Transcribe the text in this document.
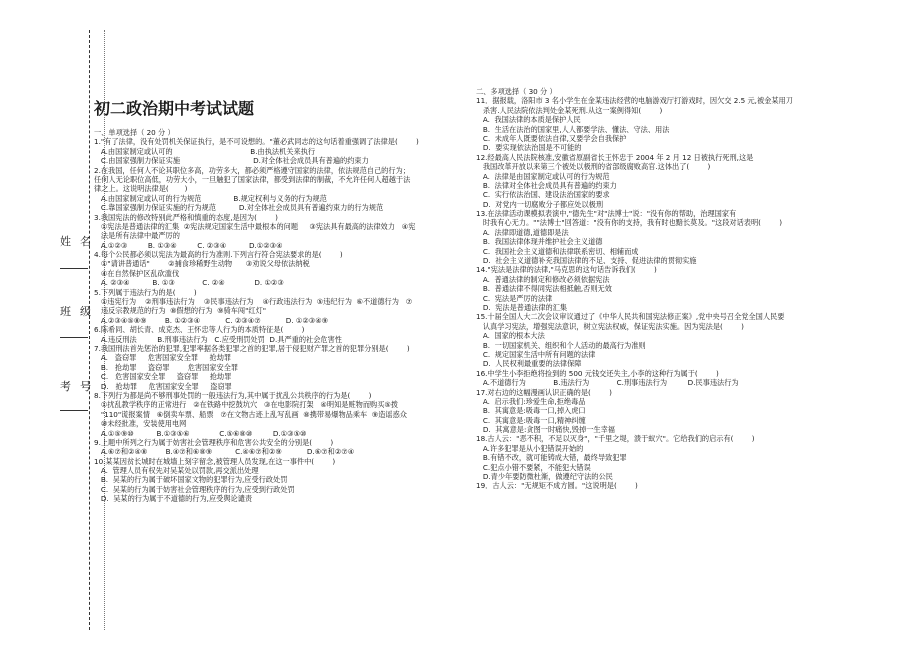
姓名
班级
考号
初二政治期中考试试题
一、单项选择（ 20 分 ）
1."有了法律，没有处罚机关保证执行，是不可设想的。"董必武同志的这句话着重强调了法律是(        )
A.由国家制定或认可的                                  B.由执法机关来执行
C.由国家强制力保证实施                                D.对全体社会成员具有普遍的约束力
2.在我国，任何人不论其职位多高，功劳多大，都必须严格遵守国家的法律，依法规范自己的行为；
任何人无论职位高低，功劳大小，一旦触犯了国家法律，都受到法律的制裁，不允许任何人超越于法
律之上。这说明法律是(       )
A.由国家制定或认可的行为规范              B.规定权利与义务的行为规范
C.靠国家强制力保证实施的行为规范          D.对全体社会成员具有普遍约束力的行为规范
3.我国宪法的修改特别此严格和慎重的态度,是因为(        )
①宪法是普通法律的汇集  ②宪法规定国家生活中最根本的问题     ③宪法具有最高的法律效力   ④宪
法是所有法律中最严厉的
A.①②③         B. ①③④         C. ②③④          D.①②③④
4.每个公民都必须以宪法为最高的行为准则.下列言行符合宪法要求的是(        )
①"请讲普通话"        ②捕食珍稀野生动物      ③劝说父母依法纳税
④在自然保护区乱砍滥伐
A. ②③④          B. ①③            C. ②④             D. ①②③
5.下列属于违法行为的是(        )
①违宪行为    ②刑事违法行为    ③民事违法行为    ④行政违法行为  ⑤违纪行为  ⑥不道德行为   ⑦
违反宗教规范的行为  ⑧假想的行为  ⑨骑车闯"红灯"
A.②③④⑤⑧⑨        B. ①②③④           C. ②③④⑦           D. ①②③④⑨
6.陈希同、胡长青、成克杰、王怀忠等人行为的本质特征是(        )
A.违反刑法         B.刑事违法行为   C.应受刑罚处罚  D.具严重的社会危害性
7.我国刑法首先惩治的犯罪,犯罪率据各类犯罪之首的犯罪,居于侵犯财产罪之首的犯罪分别是(        )
A.   盗窃罪     危害国家安全罪     抢劫罪
B.   抢劫罪     盗窃罪        危害国家安全罪
C.   危害国家安全罪     盗窃罪     抢劫罪
D.   抢劫罪     危害国家安全罪     盗窃罪
8.下列行为都是尚不够刑事处罚的一般违法行为,其中属于扰乱公共秩序的行为是(        )
①扰乱教学秩序的正常进行   ②在铁路中挖鼓坑穴   ③在电影院打架   ④明知是赃物而购买⑤拨
"110"谎报案情   ⑥倒卖车票、船票   ⑦在文物古迹上乱写乱画  ⑧携带易爆物品乘车  ⑨造谣惑众
⑩未经批准，安装使用电网
A.①⑤⑨⑩          B.①③⑤⑥             C.⑤⑥⑧⑩         D.①③⑤⑩
9.上题中所列之行为属于妨害社会管理秩序和危害公共安全的分别是(        )
A.⑥⑦和②④⑧        B.④⑦和⑥⑧⑨          C.④⑥⑦和②⑨           D.⑥⑦和②⑦④
10.某某因贫长城时在城墙上刻字留念,被管理人员发现,在这一事件中(        )
A.  管理人员有权先对吴某处以罚款,再交派出处理
B.  吴某的行为属于破坏国家文物的犯罪行为,应受行政处罚
C.  吴某的行为属于妨害社会管理秩序的行为,应受到行政处罚
D.  吴某的行为属于不道德的行为,应受舆论谴责
二、多项选择（ 30 分 ）
11．据报载，洛阳市 3 名小学生在金某违法经营的电脑游戏厅打游戏时，因欠交 2.5 元,被金某用刀
杀害.人民法院依法判处金某死刑.从这一案例得知(        )
A.  我国法律的本质是保护人民
B.  生活在法治的国家里,人人都要学法、懂法、守法、用法
C.  未成年人既要依法自律,又要学会自我保护
D.  要实现依法治国是不可能的
12.经最高人民法院核准,安徽省原副省长王怀忠于 2004 年 2 月 12 日被执行死刑,这是
我国改革开放以来第三个被处以极刑的省部级腐败高官.这体出了(        )
A.  法律是由国家制定或认可的行为规范
B.  法律对全体社会成员具有普遍的约束力
C.  实行依法治国、建设法治国家的要求
D.  对党内一切腐败分子都应处以极刑
13.在法律活动课模拟表演中,"德先生"对"法博士"说："没有你的帮助，治理国家有
时我有心无力。""法博士"回答道："没有你的支持，我有时也黯长莫及。"这段对话表明(        )
A.  法律即道德,道德即是法
B.  我国法律体现并维护社会主义道德
C.  我国社会主义道德和法律联系密切、相辅而成
D.  社会主义道德补充我国法律的不足、支持、促进法律的贯彻实施
14."宪法是法律的法律,"马克思的这句话告诉我们(        )
A.  普通法律的制定和修改必须依据宪法
B.  普通法律不得同宪法相抵触,否则无效
C.  宪法是严厉的法律
D.  宪法是普通法律的汇集
15.十届全国人大二次会议审议通过了《中华人民共和国宪法修正案》,党中央号召全党全国人民要
认真学习宪法，增强宪法意识，树立宪法权威，保证宪法实施。因为宪法是(        )
A.  国家的根本大法
B.  一切国家机关、组织和个人活动的最高行为准则
C.  规定国家生活中所有问题的法律
D.  人民权利最重要的法律保障
16.中学生小李拒绝将捡到的 500 元钱交还失主,小李的这种行为属于(        )
A.不道德行为            B.违法行为            C.刑事违法行为         D.民事违法行为
17.对右边的这幅漫画认识正确的是(        )
A.  启示我们:珍爱生命,拒绝毒品
B.  其寓意是:吸毒一口,掉入虎口
C.  其寓意是:吸毒一口,精神纠缠
D.  其寓意是:贪图一时痛快,毁掉一生幸福
18.古人云："恶不积，不足以灭身"，"千里之堤，溃于蚁穴"。它给我们的启示有(        )
A.许多犯罪是从小犯错误开始的
B.有错不改，就可能铸成大错，最终导致犯罪
C.犯点小错不要紧，不能犯大错误
D.青少年要防微杜渐，做遵纪守法的公民
19．古人云："无规矩不成方圆。"这说明是(        )
